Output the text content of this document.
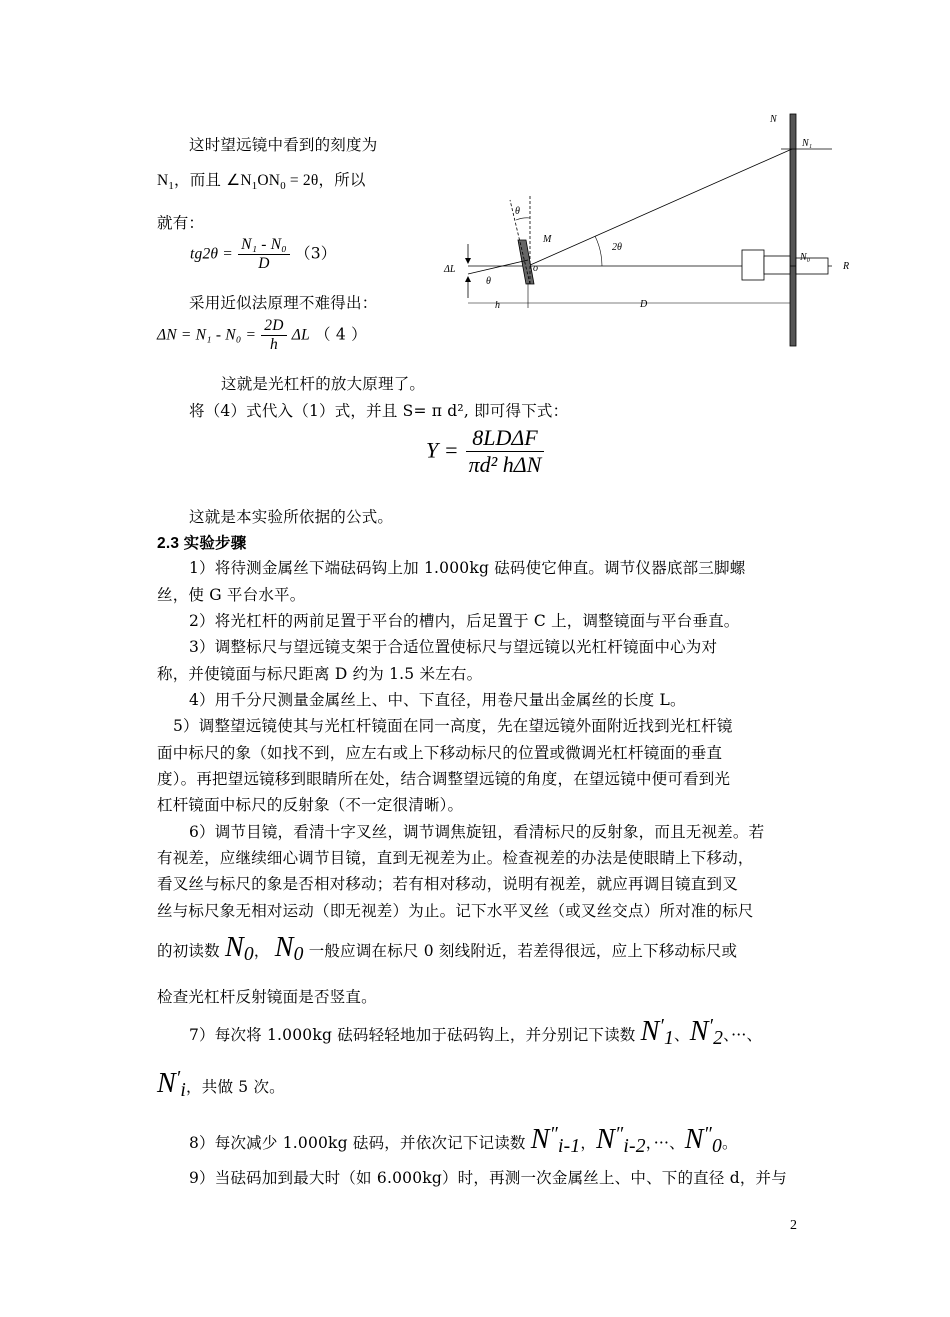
这时望远镜中看到的刻度为
$N_1$，而且 $\angle N_1ON_0 = 2\theta$，所以
就有：
$tg2\theta = \frac{\text{N₁ - N₀}}{D} (3)$
采用近似法原理不难得出：
$\Delta N = N_1 - N_0 = \frac{2D}{h}$ ΔL （ 4 ）
这就是光杠杆的放大原理了。
将（4）式代入（1）式，并且 S= π d², 即可得下式：
$Y = \frac{\text{8LDΔF}}{\text{πd² hΔN}}$
这就是本实验所依据的公式。
2.3 实验步骤
1）将待测金属丝下端砝码钩上加 1.000kg 砝码使它伸直。调节仪器底部三脚螺
丝，使 G 平台水平。
2）将光杠杆的两前足置于平台的槽内，后足置于 C 上，调整镜面与平台垂直。
3）调整标尺与望远镜支架于合适位置使标尺与望远镜以光杠杆镜面中心为对
称，并使镜面与标尺距离 D 约为 1.5 米左右。
4）用千分尺测量金属丝上、中、下直径，用卷尺量出金属丝的长度 L。
5）调整望远镜使其与光杠杆镜面在同一高度，先在望远镜外面附近找到光杠杆镜
面中标尺的象（如找不到，应左右或上下移动标尺的位置或微调光杠杆镜面的垂直
度）。再把望远镜移到眼睛所在处，结合调整望远镜的角度，在望远镜中便可看到光
杠杆镜面中标尺的反射象（不一定很清晰）。
6）调节目镜，看清十字叉丝，调节调焦旋钮，看清标尺的反射象，而且无视差。若
有视差，应继续细心调节目镜，直到无视差为止。检查视差的办法是使眼睛上下移动，
看叉丝与标尺的象是否相对移动；若有相对移动，说明有视差，就应再调目镜直到叉
丝与标尺象无相对运动（即无视差）为止。记下水平叉丝（或叉丝交点）所对准的标尺
的初读数 $N_0$， $N_0$ 一般应调在标尺 0 刻线附近，若差得很远，应上下移动标尺或
检查光杠杆反射镜面是否竖直。
7）每次将 1.000kg 砝码轻轻地加于砝码钩上，并分别记下读数 $N'_1$、$N'_2$、···、
$N'_i$，共做 5 次。
8）每次减少 1.000kg 砝码，并依次记下记读数 $N''_{i-1}$，$N''_{i-2}$，···、$N''_0$。
9）当砝码加到最大时（如 6.000kg）时，再测一次金属丝上、中、下的直径 d，并与
2
N
N₁
N₀
R
M
θ
θ
2θ
ΔL
h	D
o
